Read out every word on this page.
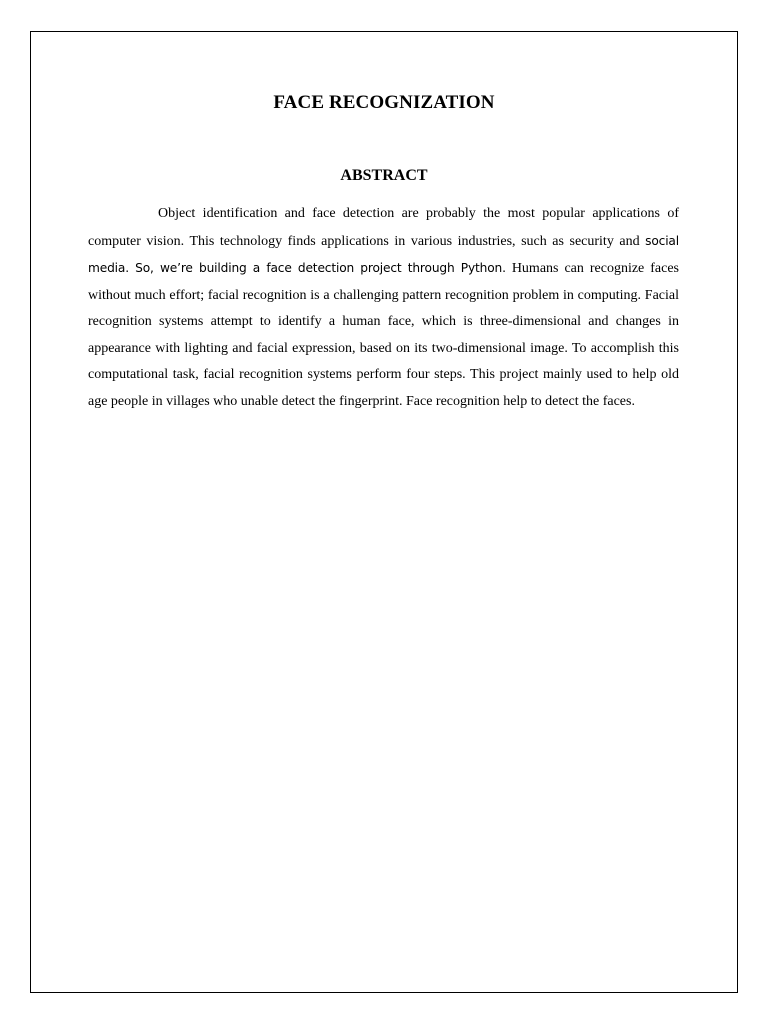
FACE RECOGNIZATION
ABSTRACT

Object identification and face detection are probably the most popular applications of computer vision. This technology finds applications in various industries, such as security and social media. So, we’re building a face detection project through Python. Humans can recognize faces without much effort; facial recognition is a challenging pattern recognition problem in computing. Facial recognition systems attempt to identify a human face, which is three-dimensional and changes in appearance with lighting and facial expression, based on its two-dimensional image. To accomplish this computational task, facial recognition systems perform four steps. This project mainly used to help old age people in villages who unable detect the fingerprint. Face recognition help to detect the faces.
